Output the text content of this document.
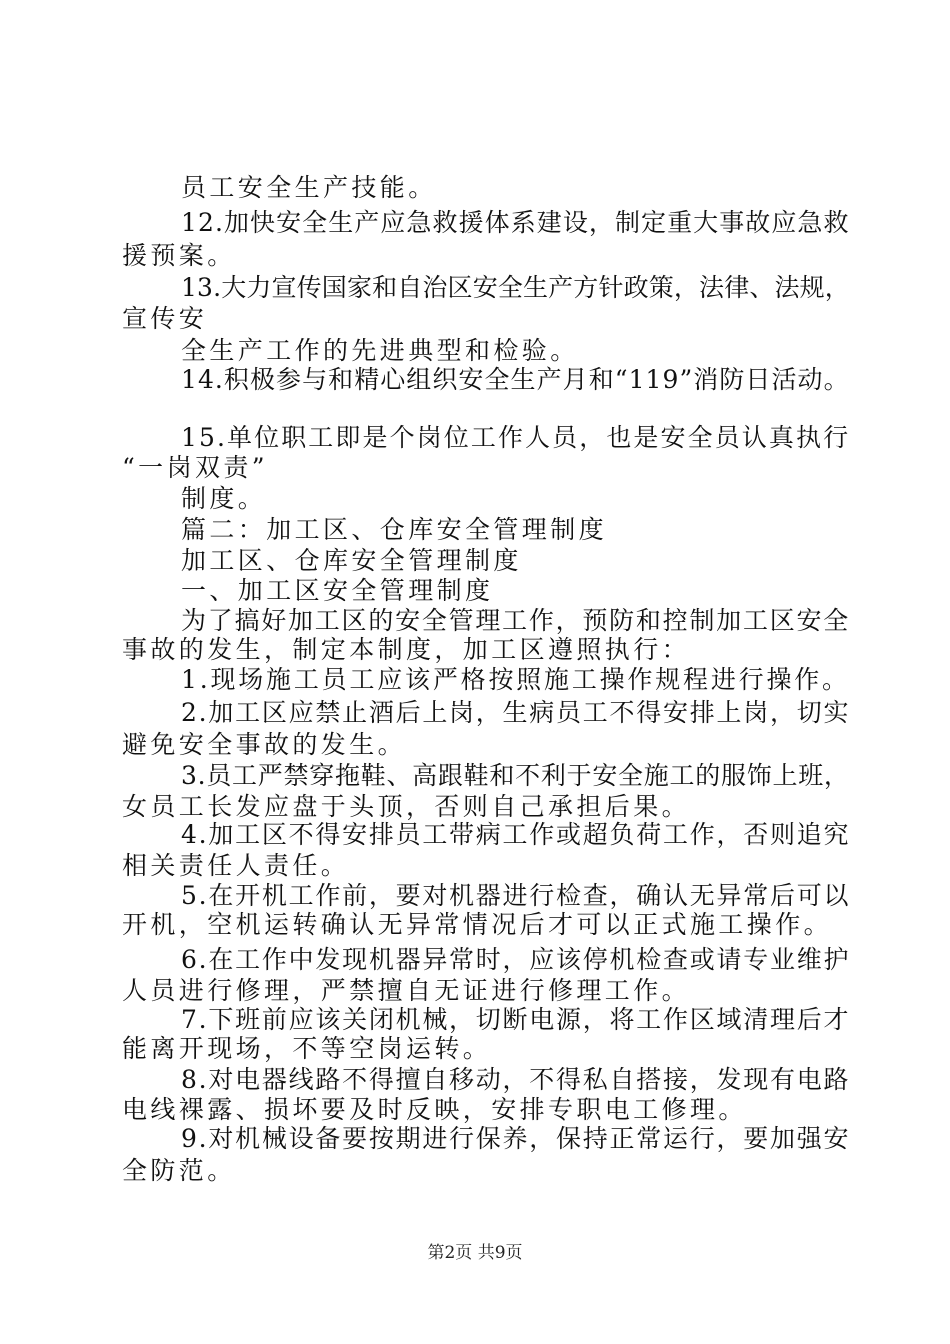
员工安全生产技能。
12.加快安全生产应急救援体系建设，制定重大事故应急救
援预案。
13.大力宣传国家和自治区安全生产方针政策，法律、法规，
宣传安
全生产工作的先进典型和检验。
14.积极参与和精心组织安全生产月和“119”消防日活动。
15.单位职工即是个岗位工作人员，也是安全员认真执行
“一岗双责”
制度。
篇二：加工区、仓库安全管理制度
加工区、仓库安全管理制度
一、加工区安全管理制度
为了搞好加工区的安全管理工作，预防和控制加工区安全
事故的发生，制定本制度，加工区遵照执行：
1.现场施工员工应该严格按照施工操作规程进行操作。
2.加工区应禁止酒后上岗，生病员工不得安排上岗，切实
避免安全事故的发生。
3.员工严禁穿拖鞋、高跟鞋和不利于安全施工的服饰上班，
女员工长发应盘于头顶，否则自己承担后果。
4.加工区不得安排员工带病工作或超负荷工作，否则追究
相关责任人责任。
5.在开机工作前，要对机器进行检查，确认无异常后可以
开机，空机运转确认无异常情况后才可以正式施工操作。
6.在工作中发现机器异常时，应该停机检查或请专业维护
人员进行修理，严禁擅自无证进行修理工作。
7.下班前应该关闭机械，切断电源，将工作区域清理后才
能离开现场，不等空岗运转。
8.对电器线路不得擅自移动，不得私自搭接，发现有电路
电线裸露、损坏要及时反映，安排专职电工修理。
9.对机械设备要按期进行保养，保持正常运行，要加强安
全防范。
第2页 共9页
